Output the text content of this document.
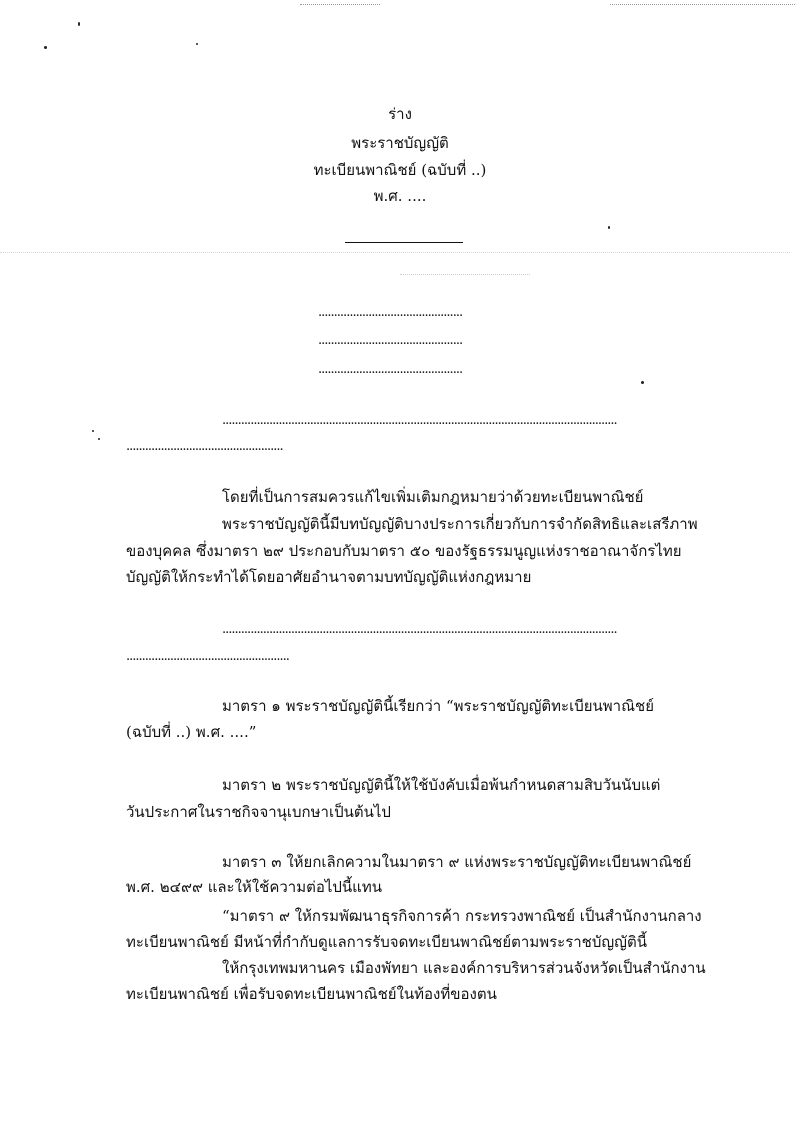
ร่าง
พระราชบัญญัติ
ทะเบียนพาณิชย์ (ฉบับที่ ..)
พ.ศ. ....
..............................................
..............................................
..............................................
..............................................................................................................................
..................................................
โดยที่เป็นการสมควรแก้ไขเพิ่มเติมกฎหมายว่าด้วยทะเบียนพาณิชย์
พระราชบัญญัตินี้มีบทบัญญัติบางประการเกี่ยวกับการจำกัดสิทธิและเสรีภาพ
ของบุคคล ซึ่งมาตรา ๒๙ ประกอบกับมาตรา ๕๐ ของรัฐธรรมนูญแห่งราชอาณาจักรไทย
บัญญัติให้กระทำได้โดยอาศัยอำนาจตามบทบัญญัติแห่งกฎหมาย
..............................................................................................................................
....................................................
มาตรา ๑ พระราชบัญญัตินี้เรียกว่า “พระราชบัญญัติทะเบียนพาณิชย์
(ฉบับที่ ..) พ.ศ. ....”
มาตรา ๒ พระราชบัญญัตินี้ให้ใช้บังคับเมื่อพ้นกำหนดสามสิบวันนับแต่
วันประกาศในราชกิจจานุเบกษาเป็นต้นไป
มาตรา ๓ ให้ยกเลิกความในมาตรา ๙ แห่งพระราชบัญญัติทะเบียนพาณิชย์
พ.ศ. ๒๔๙๙ และให้ใช้ความต่อไปนี้แทน
“มาตรา ๙ ให้กรมพัฒนาธุรกิจการค้า กระทรวงพาณิชย์ เป็นสำนักงานกลาง
ทะเบียนพาณิชย์ มีหน้าที่กำกับดูแลการรับจดทะเบียนพาณิชย์ตามพระราชบัญญัตินี้
ให้กรุงเทพมหานคร เมืองพัทยา และองค์การบริหารส่วนจังหวัดเป็นสำนักงาน
ทะเบียนพาณิชย์ เพื่อรับจดทะเบียนพาณิชย์ในท้องที่ของตน
